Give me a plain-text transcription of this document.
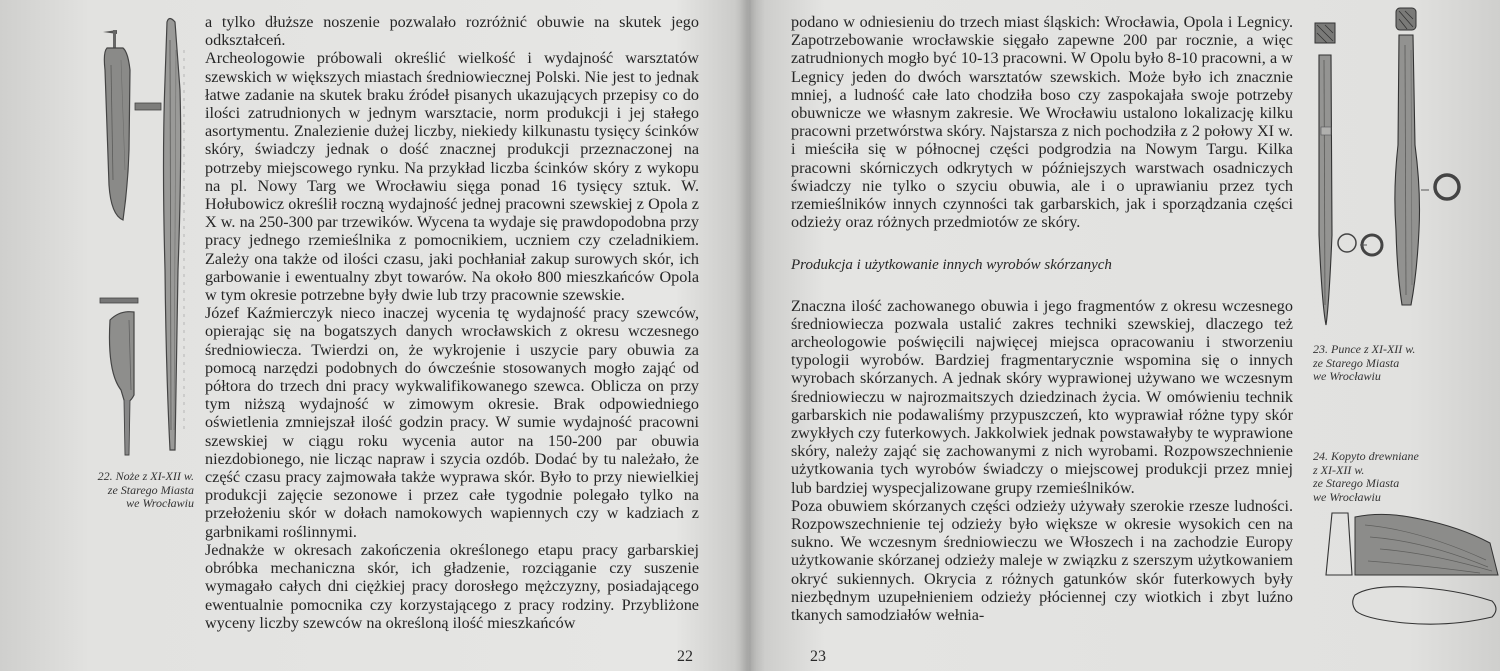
22. Noże z XI-XII w.
ze Starego Miasta
we Wrocławiu

a tylko dłuższe noszenie pozwalało rozróżnić obuwie na skutek jego odkształceń.

Archeologowie próbowali określić wielkość i wydajność warsztatów szewskich w większych miastach średniowiecznej Polski. Nie jest to jednak łatwe zadanie na skutek braku źródeł pisanych ukazujących przepisy co do ilości zatrudnionych w jednym warsztacie, norm produkcji i jej stałego asortymentu. Znalezienie dużej liczby, niekiedy kilkunastu tysięcy ścinków skóry, świadczy jednak o dość znacznej produkcji przeznaczonej na potrzeby miejscowego rynku. Na przykład liczba ścinków skóry z wykopu na pl. Nowy Targ we Wrocławiu sięga ponad 16 tysięcy sztuk. W. Hołubowicz określił roczną wydajność jednej pracowni szewskiej z Opola z X w. na 250-300 par trzewików. Wycena ta wydaje się prawdopodobna przy pracy jednego rzemieślnika z pomocnikiem, uczniem czy czeladnikiem. Zależy ona także od ilości czasu, jaki pochłaniał zakup surowych skór, ich garbowanie i ewentualny zbyt towarów. Na około 800 mieszkańców Opola w tym okresie potrzebne były dwie lub trzy pracownie szewskie.

Józef Kaźmierczyk nieco inaczej wycenia tę wydajność pracy szewców, opierając się na bogatszych danych wrocławskich z okresu wczesnego średniowiecza. Twierdzi on, że wykrojenie i uszycie pary obuwia za pomocą narzędzi podobnych do ówcześnie stosowanych mogło zająć od półtora do trzech dni pracy wykwalifikowanego szewca. Oblicza on przy tym niższą wydajność w zimowym okresie. Brak odpowiedniego oświetlenia zmniejszał ilość godzin pracy. W sumie wydajność pracowni szewskiej w ciągu roku wycenia autor na 150-200 par obuwia niezdobionego, nie licząc napraw i szycia ozdób. Dodać by tu należało, że część czasu pracy zajmowała także wyprawa skór. Było to przy niewielkiej produkcji zajęcie sezonowe i przez całe tygodnie polegało tylko na przełożeniu skór w dołach namokowych wapiennych czy w kadziach z garbnikami roślinnymi.

Jednakże w okresach zakończenia określonego etapu pracy garbarskiej obróbka mechaniczna skór, ich gładzenie, rozciąganie czy suszenie wymagało całych dni ciężkiej pracy dorosłego mężczyzny, posiadającego ewentualnie pomocnika czy korzystającego z pracy rodziny. Przybliżone wyceny liczby szewców na określoną ilość mieszkańców

22

podano w odniesieniu do trzech miast śląskich: Wrocławia, Opola i Legnicy. Zapotrzebowanie wrocławskie sięgało zapewne 200 par rocznie, a więc zatrudnionych mogło być 10-13 pracowni. W Opolu było 8-10 pracowni, a w Legnicy jeden do dwóch warsztatów szewskich. Może było ich znacznie mniej, a ludność całe lato chodziła boso czy zaspokajała swoje potrzeby obuwnicze we własnym zakresie. We Wrocławiu ustalono lokalizację kilku pracowni przetwórstwa skóry. Najstarsza z nich pochodziła z 2 połowy XI w. i mieściła się w północnej części podgrodzia na Nowym Targu. Kilka pracowni skórniczych odkrytych w późniejszych warstwach osadniczych świadczy nie tylko o szyciu obuwia, ale i o uprawianiu przez tych rzemieślników innych czynności tak garbarskich, jak i sporządzania części odzieży oraz różnych przedmiotów ze skóry.

Produkcja i użytkowanie innych wyrobów skórzanych

Znaczna ilość zachowanego obuwia i jego fragmentów z okresu wczesnego średniowiecza pozwala ustalić zakres techniki szewskiej, dlaczego też archeologowie poświęcili najwięcej miejsca opracowaniu i stworzeniu typologii wyrobów. Bardziej fragmentarycznie wspomina się o innych wyrobach skórzanych. A jednak skóry wyprawionej używano we wczesnym średniowieczu w najrozmaitszych dziedzinach życia. W omówieniu technik garbarskich nie podawaliśmy przypuszczeń, kto wyprawiał różne typy skór zwykłych czy futerkowych. Jakkolwiek jednak powstawałyby te wyprawione skóry, należy zająć się zachowanymi z nich wyrobami. Rozpowszechnienie użytkowania tych wyrobów świadczy o miejscowej produkcji przez mniej lub bardziej wyspecjalizowane grupy rzemieślników.

Poza obuwiem skórzanych części odzieży używały szerokie rzesze ludności. Rozpowszechnienie tej odzieży było większe w okresie wysokich cen na sukno. We wczesnym średniowieczu we Włoszech i na zachodzie Europy użytkowanie skórzanej odzieży maleje w związku z szerszym użytkowaniem okryć sukiennych. Okrycia z różnych gatunków skór futerkowych były niezbędnym uzupełnieniem odzieży płóciennej czy wiotkich i zbyt luźno tkanych samodziałów wełnia-

23. Punce z XI-XII w.
ze Starego Miasta
we Wrocławiu
24. Kopyto drewniane
z XI-XII w.
ze Starego Miasta
we Wrocławiu
23
